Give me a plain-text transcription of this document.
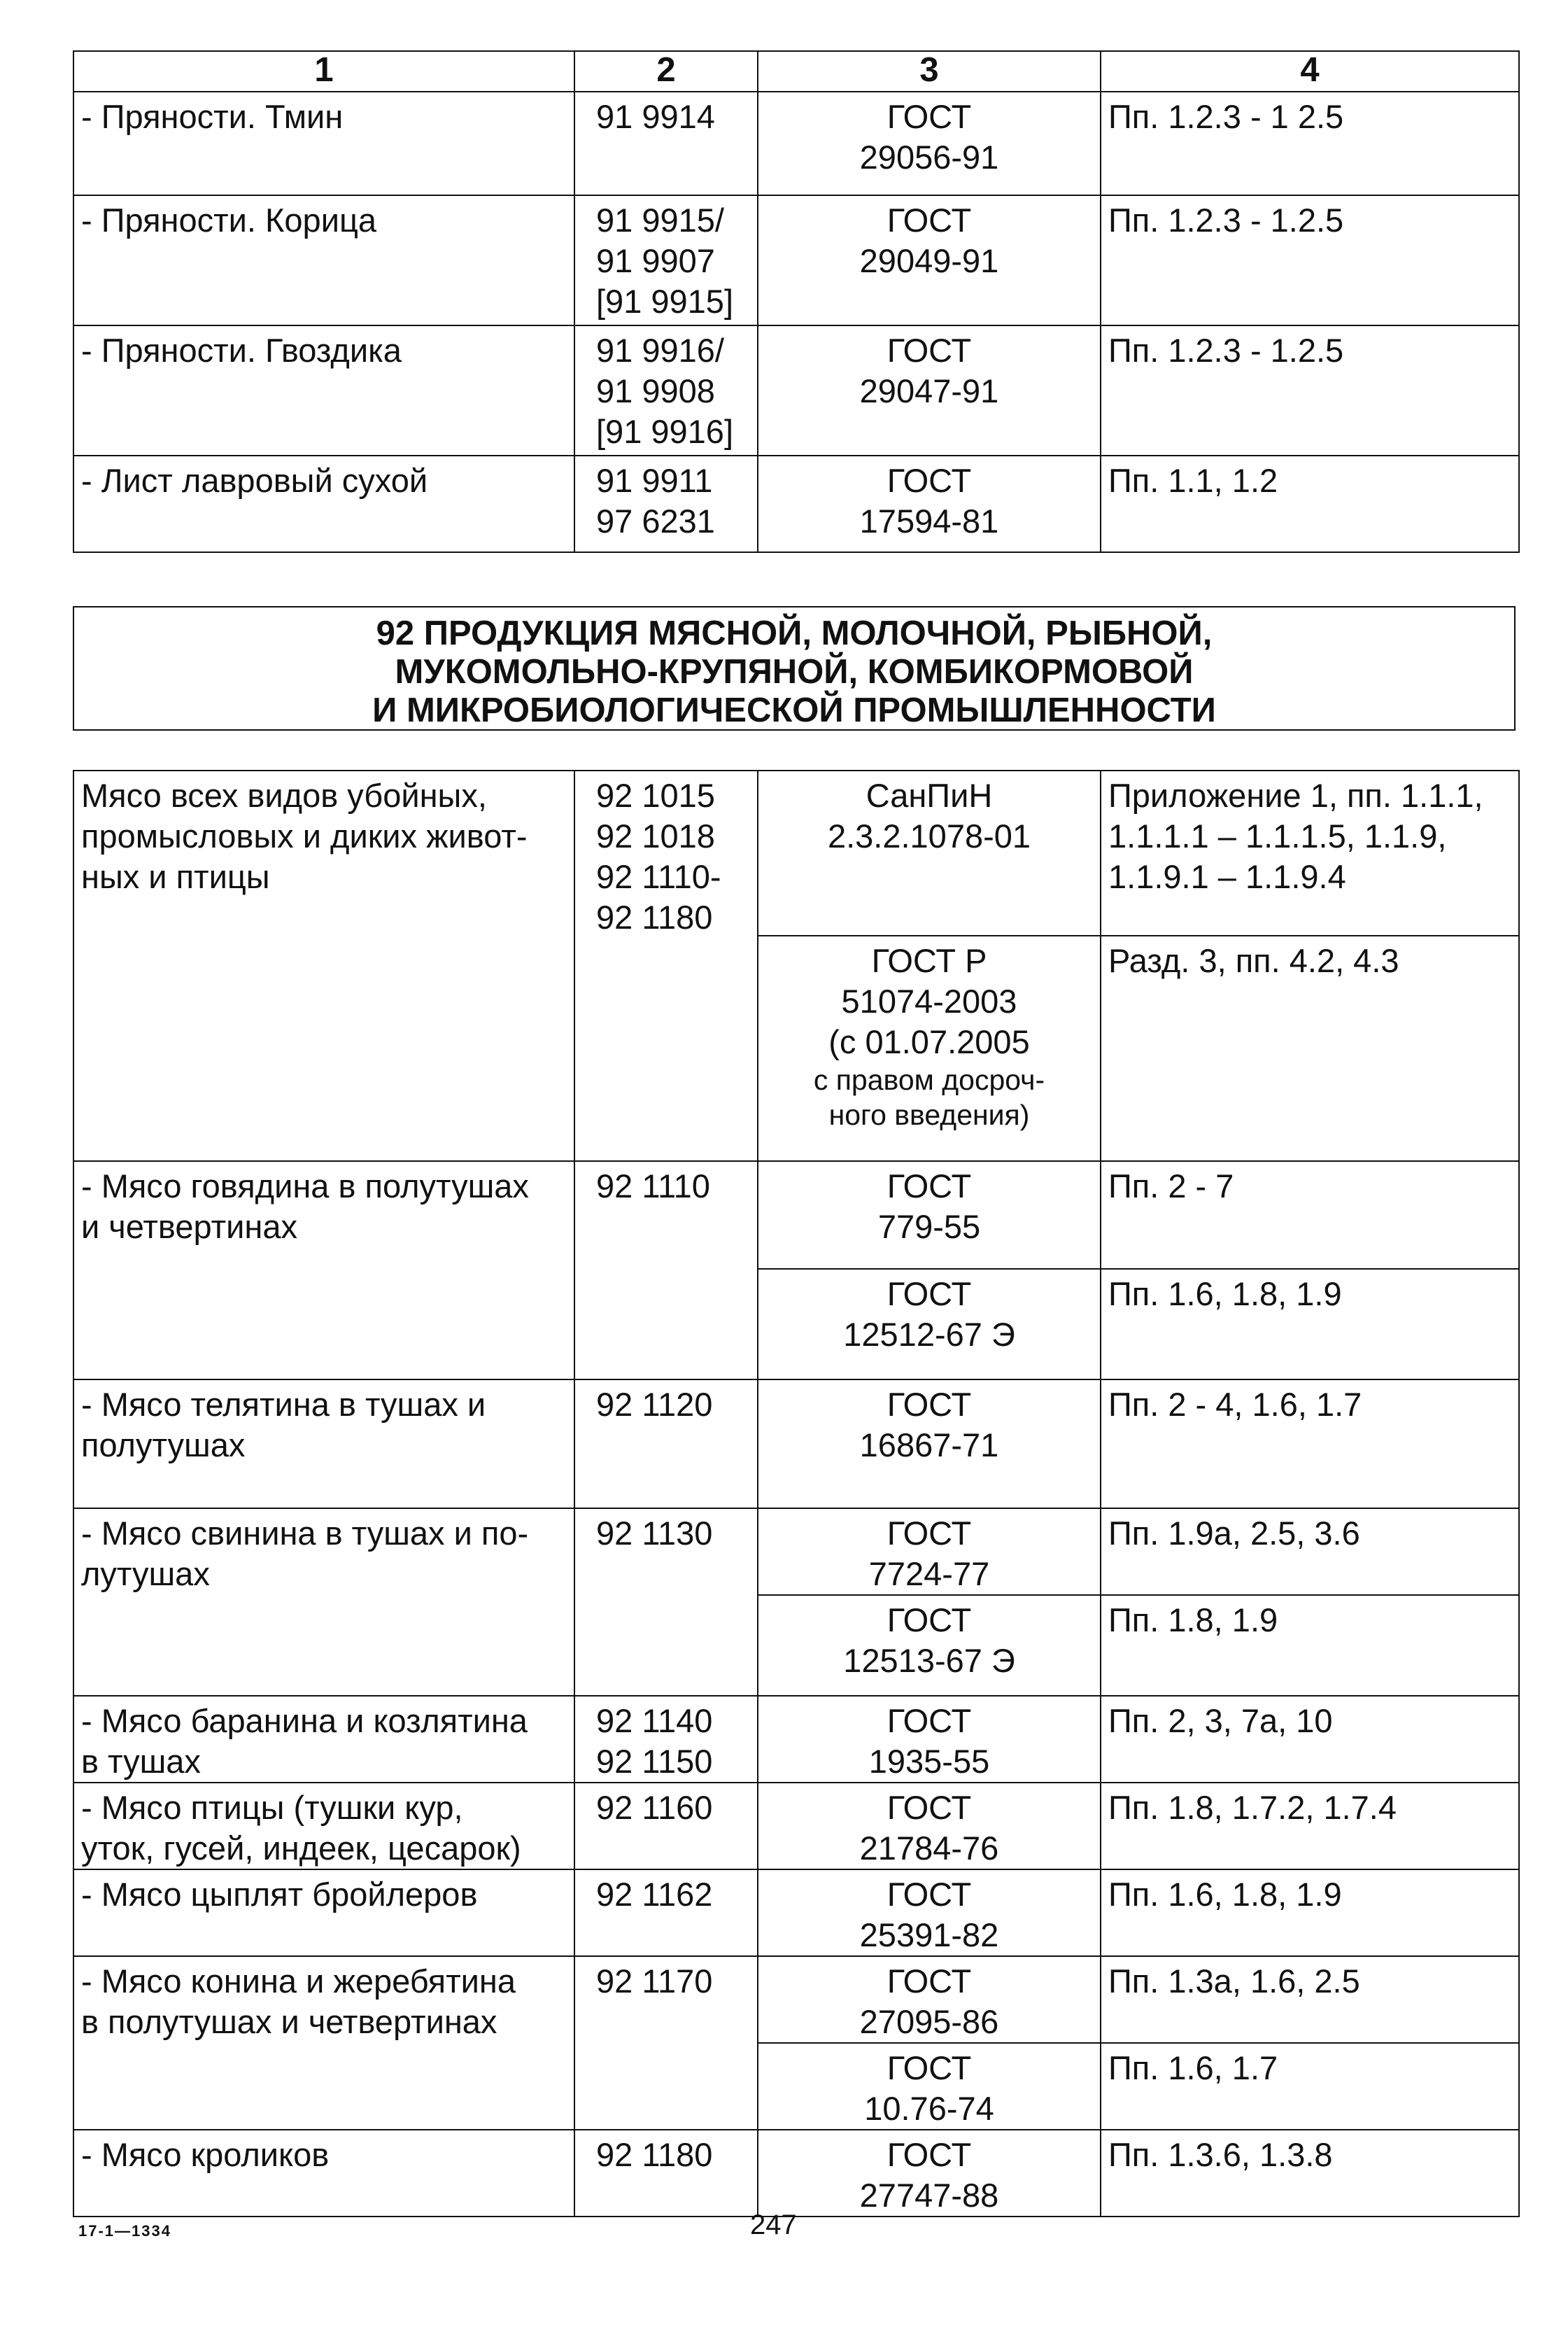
1	2	3	4
- Пряности. Тмин	91 9914	ГОСТ
29056-91	Пп. 1.2.3 - 1 2.5
- Пряности. Корица	91 9915/
91 9907
[91 9915]	ГОСТ
29049-91	Пп. 1.2.3 - 1.2.5
- Пряности. Гвоздика	91 9916/
91 9908
[91 9916]	ГОСТ
29047-91	Пп. 1.2.3 - 1.2.5
- Лист лавровый сухой	91 9911
97 6231	ГОСТ
17594-81	Пп. 1.1, 1.2
92 ПРОДУКЦИЯ МЯСНОЙ, МОЛОЧНОЙ, РЫБНОЙ,
МУКОМОЛЬНО-КРУПЯНОЙ, КОМБИКОРМОВОЙ
И МИКРОБИОЛОГИЧЕСКОЙ ПРОМЫШЛЕННОСТИ
Мясо всех видов убойных,
промысловых и диких живот-
ных и птицы	92 1015
92 1018
92 1110-
92 1180	СанПиН
2.3.2.1078-01	Приложение 1, пп. 1.1.1,
1.1.1.1 – 1.1.1.5, 1.1.9,
1.1.9.1 – 1.1.9.4

		ГОСТ Р
51074-2003
(с 01.07.2005
с правом досроч-
ного введения)	Разд. 3, пп. 4.2, 4.3

- Мясо говядина в полутушах
и четвертинах	92 1110	ГОСТ
779-55	Пп. 2 - 7

		ГОСТ
12512-67 Э	Пп. 1.6, 1.8, 1.9

- Мясо телятина в тушах и
полутушах	92 1120	ГОСТ
16867-71	Пп. 2 - 4, 1.6, 1.7

- Мясо свинина в тушах и по-
лутушах	92 1130	ГОСТ
7724-77	Пп. 1.9а, 2.5, 3.6

		ГОСТ
12513-67 Э	Пп. 1.8, 1.9

- Мясо баранина и козлятина
в тушах	92 1140
92 1150	ГОСТ
1935-55	Пп. 2, 3, 7а, 10

- Мясо птицы (тушки кур,
уток, гусей, индеек, цесарок)	92 1160	ГОСТ
21784-76	Пп. 1.8, 1.7.2, 1.7.4
- Мясо цыплят бройлеров	92 1162	ГОСТ
25391-82	Пп. 1.6, 1.8, 1.9

- Мясо конина и жеребятина
в полутушах и четвертинах	92 1170	ГОСТ
27095-86	Пп. 1.3а, 1.6, 2.5

		ГОСТ
10.76-74	Пп. 1.6, 1.7
- Мясо кроликов	92 1180	ГОСТ
27747-88	Пп. 1.3.6, 1.3.8
17-1—1334	247
